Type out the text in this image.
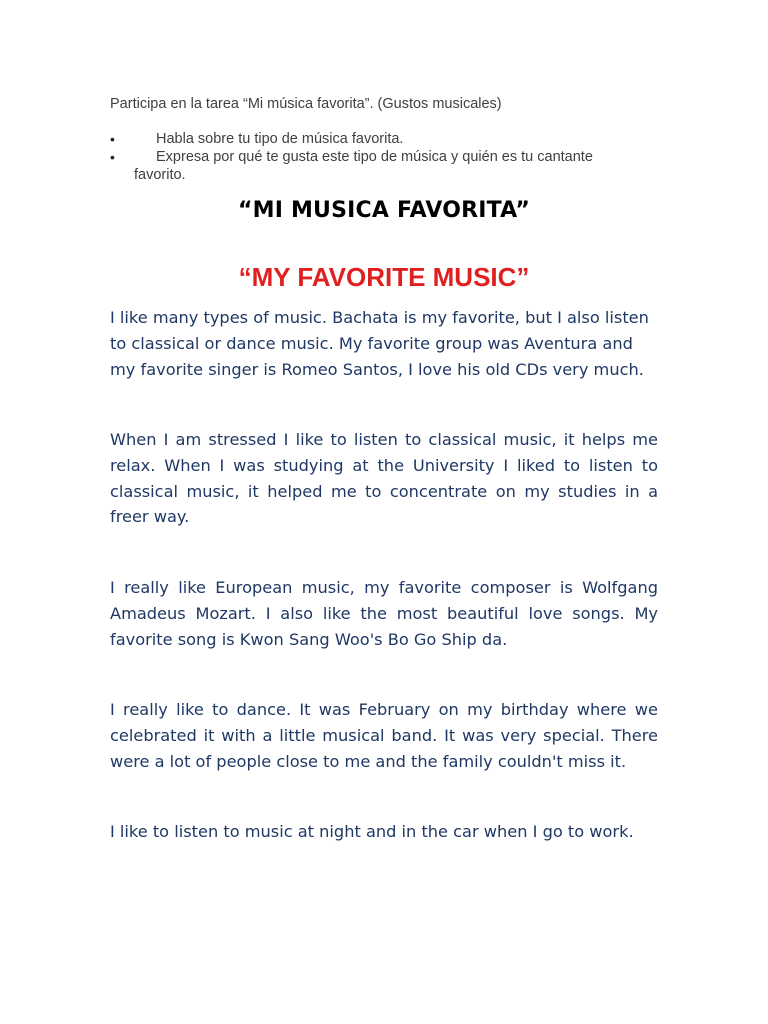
Participa en la tarea “Mi música favorita”. (Gustos musicales)

•	Habla sobre tu tipo de música favorita.
•	Expresa por qué te gusta este tipo de música y quién es tu cantante
favorito.
“MI MUSICA FAVORITA”
“MY FAVORITE MUSIC”

I like many types of music. Bachata is my favorite, but I also listen to classical or dance music. My favorite group was Aventura and my favorite singer is Romeo Santos, I love his old CDs very much.

When I am stressed I like to listen to classical music, it helps me relax. When I was studying at the University I liked to listen to classical music, it helped me to concentrate on my studies in a freer way.

I really like European music, my favorite composer is Wolfgang Amadeus Mozart. I also like the most beautiful love songs. My favorite song is Kwon Sang Woo's Bo Go Ship da.

I really like to dance. It was February on my birthday where we celebrated it with a little musical band. It was very special. There were a lot of people close to me and the family couldn't miss it.

I like to listen to music at night and in the car when I go to work.
